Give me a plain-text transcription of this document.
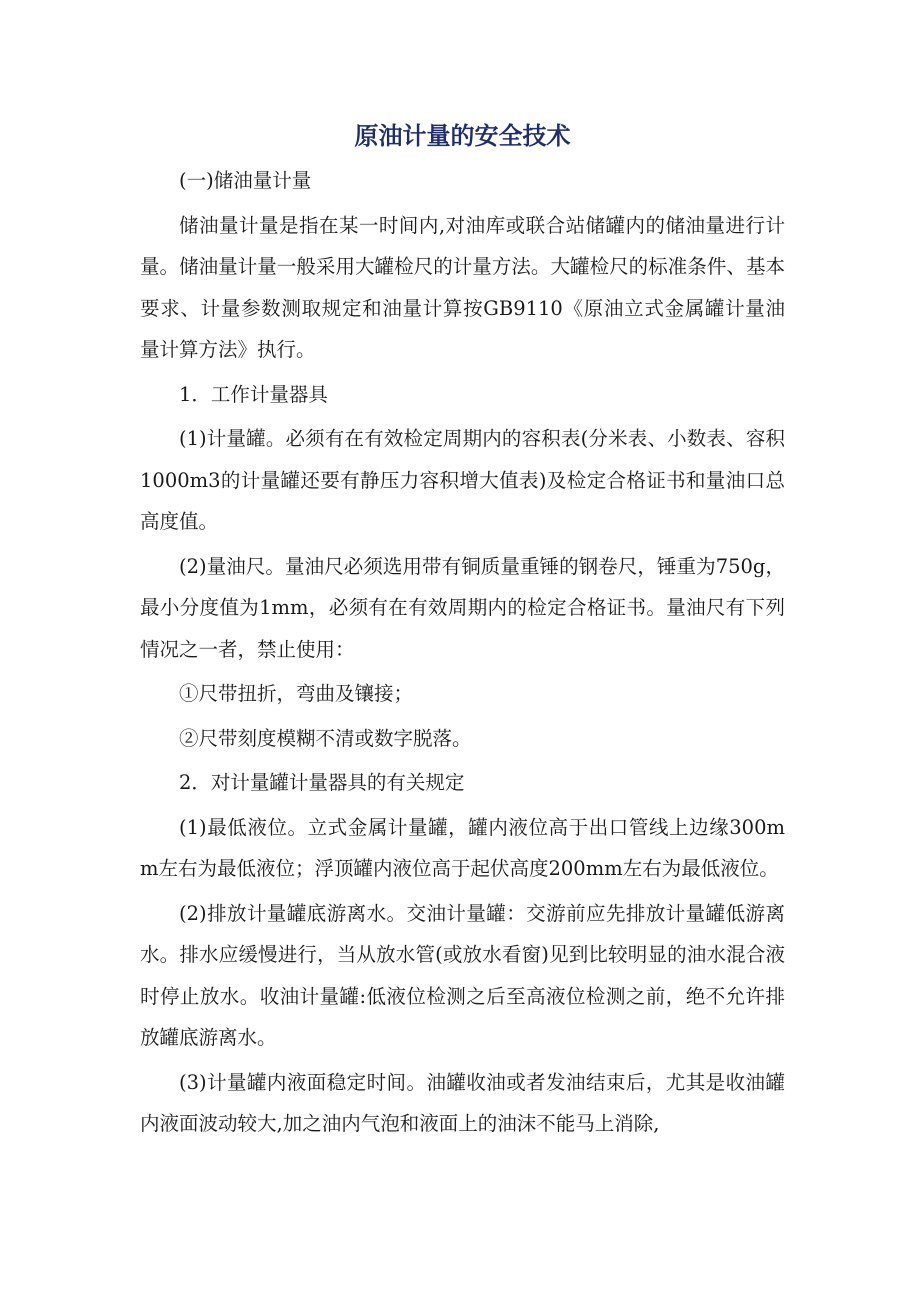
原油计量的安全技术

(一)储油量计量

储油量计量是指在某一时间内,对油库或联合站储罐内的储油量进行计量。储油量计量一般采用大罐检尺的计量方法。大罐检尺的标准条件、基本要求、计量参数测取规定和油量计算按GB9110《原油立式金属罐计量油量计算方法》执行。

1．工作计量器具

(1)计量罐。必须有在有效检定周期内的容积表(分米表、小数表、容积1000m3的计量罐还要有静压力容积增大值表)及检定合格证书和量油口总高度值。

(2)量油尺。量油尺必须选用带有铜质量重锤的钢卷尺，锤重为750g，最小分度值为1mm，必须有在有效周期内的检定合格证书。量油尺有下列情况之一者，禁止使用：

①尺带扭折，弯曲及镶接；

②尺带刻度模糊不清或数字脱落。

2．对计量罐计量器具的有关规定

(1)最低液位。立式金属计量罐，罐内液位高于出口管线上边缘300mm左右为最低液位；浮顶罐内液位高于起伏高度200mm左右为最低液位。

(2)排放计量罐底游离水。交油计量罐：交游前应先排放计量罐低游离水。排水应缓慢进行，当从放水管(或放水看窗)见到比较明显的油水混合液时停止放水。收油计量罐:低液位检测之后至高液位检测之前，绝不允许排放罐底游离水。

(3)计量罐内液面稳定时间。油罐收油或者发油结束后，尤其是收油罐内液面波动较大,加之油内气泡和液面上的油沫不能马上消除,
